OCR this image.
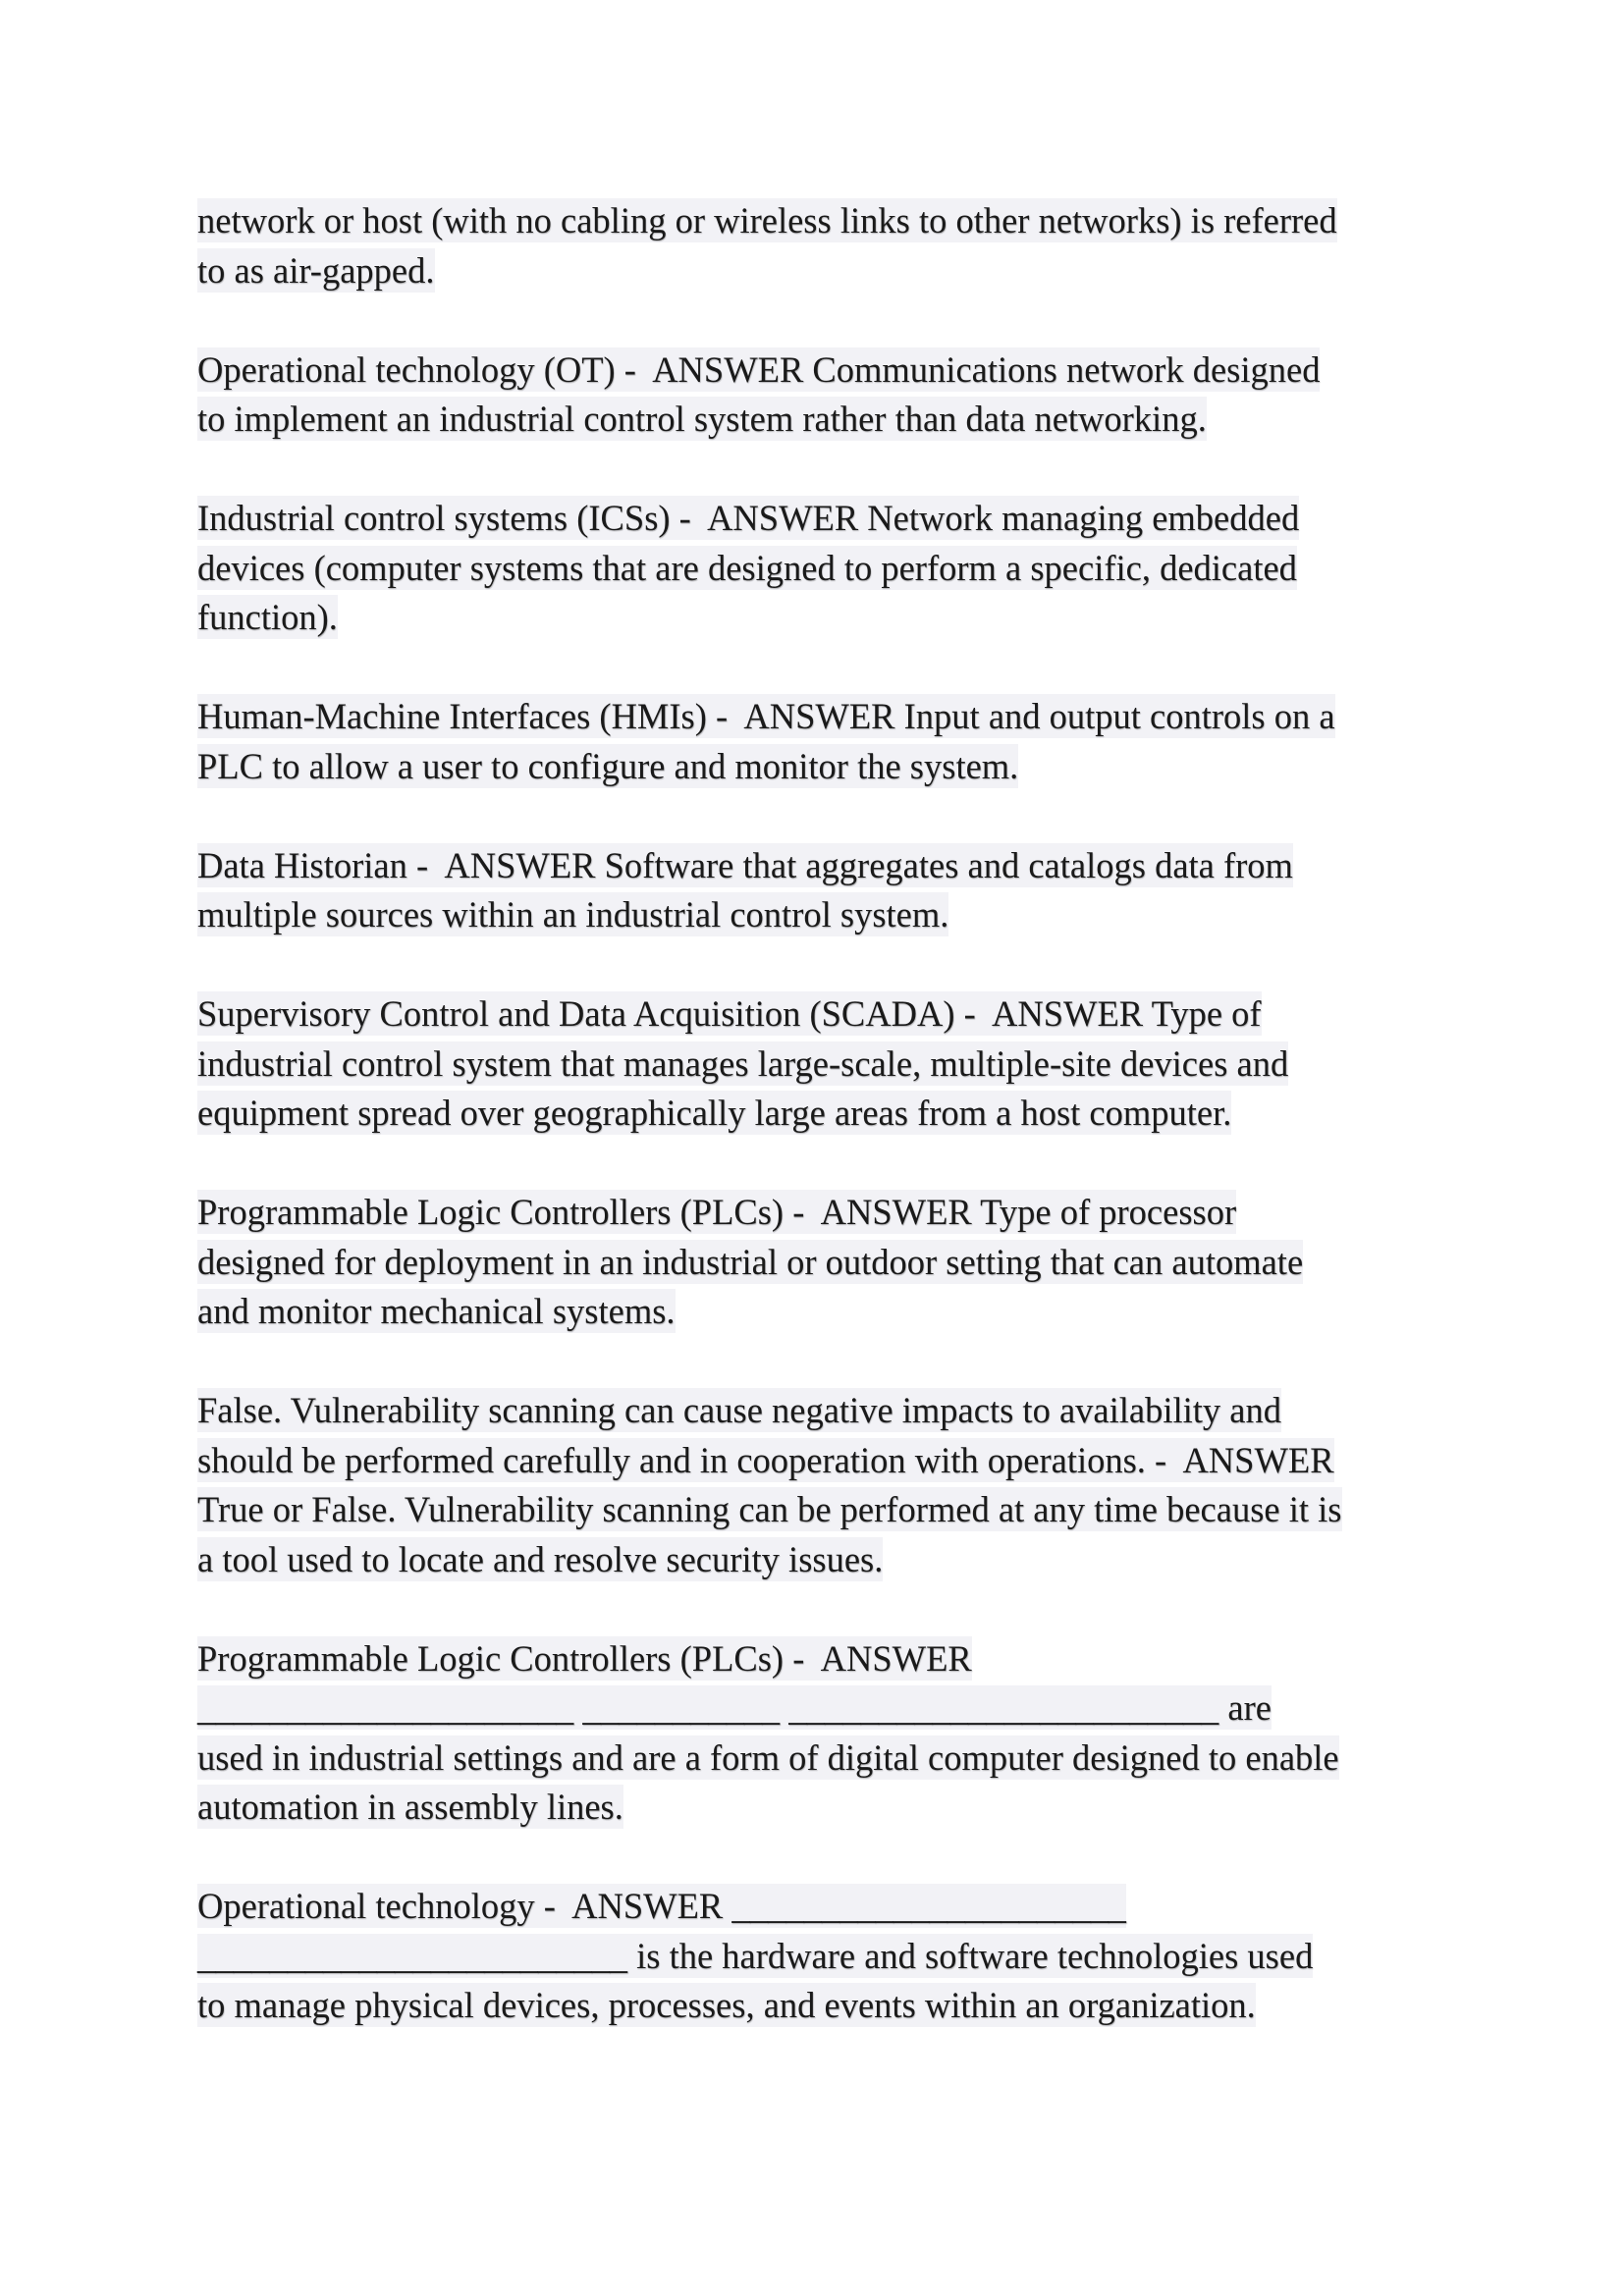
network or host (with no cabling or wireless links to other networks) is referred
to as air-gapped.
Operational technology (OT) -  ANSWER Communications network designed
to implement an industrial control system rather than data networking.
Industrial control systems (ICSs) -  ANSWER Network managing embedded
devices (computer systems that are designed to perform a specific, dedicated
function).
Human-Machine Interfaces (HMIs) -  ANSWER Input and output controls on a
PLC to allow a user to configure and monitor the system.
Data Historian -  ANSWER Software that aggregates and catalogs data from
multiple sources within an industrial control system.
Supervisory Control and Data Acquisition (SCADA) -  ANSWER Type of
industrial control system that manages large-scale, multiple-site devices and
equipment spread over geographically large areas from a host computer.
Programmable Logic Controllers (PLCs) -  ANSWER Type of processor
designed for deployment in an industrial or outdoor setting that can automate
and monitor mechanical systems.
False. Vulnerability scanning can cause negative impacts to availability and
should be performed carefully and in cooperation with operations. -  ANSWER
True or False. Vulnerability scanning can be performed at any time because it is
a tool used to locate and resolve security issues.
Programmable Logic Controllers (PLCs) -  ANSWER
_____________________ ___________ ________________________ are
used in industrial settings and are a form of digital computer designed to enable
automation in assembly lines.
Operational technology -  ANSWER ______________________
________________________ is the hardware and software technologies used
to manage physical devices, processes, and events within an organization.
